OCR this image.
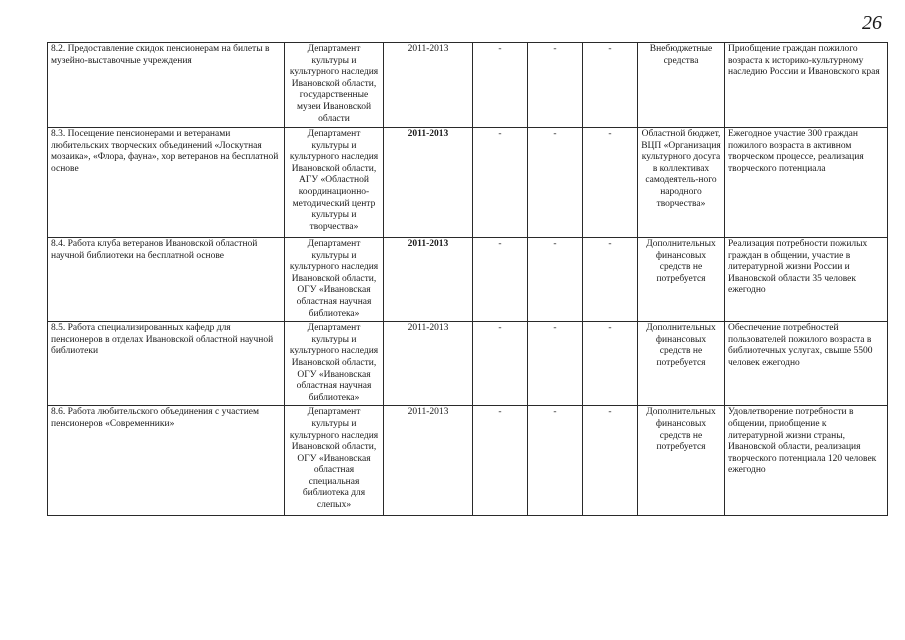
26
8.2. Предоставление скидок пенсионерам на билеты в музейно-выставочные учреждения	Департамент культуры и культурного наследия Ивановской области, государственные музеи Ивановской области	2011-2013	-	-	-	Внебюджетные средства	Приобщение граждан пожилого возраста к историко-культурному наследию России и Ивановского края
8.3. Посещение пенсионерами и ветеранами любительских творческих объединений «Лоскутная мозаика», «Флора, фауна», хор ветеранов на бесплатной основе	Департамент культуры и культурного наследия Ивановской области, АГУ «Областной координационно-методический центр культуры и творчества»	2011-2013	-	-	-	Областной бюджет, ВЦП «Организация культурного досуга в коллективах самодеятель-ного народного творчества»	Ежегодное участие 300 граждан пожилого возраста в активном творческом процессе, реализация творческого потенциала
8.4. Работа клуба ветеранов Ивановской областной научной библиотеки на бесплатной основе	Департамент культуры и культурного наследия Ивановской области, ОГУ «Ивановская областная научная библиотека»	2011-2013	-	-	-	Дополнительных финансовых средств не потребуется	Реализация потребности пожилых граждан в общении, участие в литературной жизни России и Ивановской области 35 человек ежегодно
8.5. Работа специализированных кафедр для пенсионеров в отделах Ивановской областной научной библиотеки	Департамент культуры и культурного наследия Ивановской области, ОГУ «Ивановская областная научная библиотека»	2011-2013	-	-	-	Дополнительных финансовых средств не потребуется	Обеспечение потребностей пользователей пожилого возраста в библиотечных услугах, свыше 5500 человек ежегодно
8.6. Работа любительского объединения с участием пенсионеров «Современники»	Департамент культуры и культурного наследия Ивановской области, ОГУ «Ивановская областная специальная библиотека для слепых»	2011-2013	-	-	-	Дополнительных финансовых средств не потребуется	Удовлетворение потребности в общении, приобщение к литературной жизни страны, Ивановской области, реализация творческого потенциала 120 человек ежегодно
